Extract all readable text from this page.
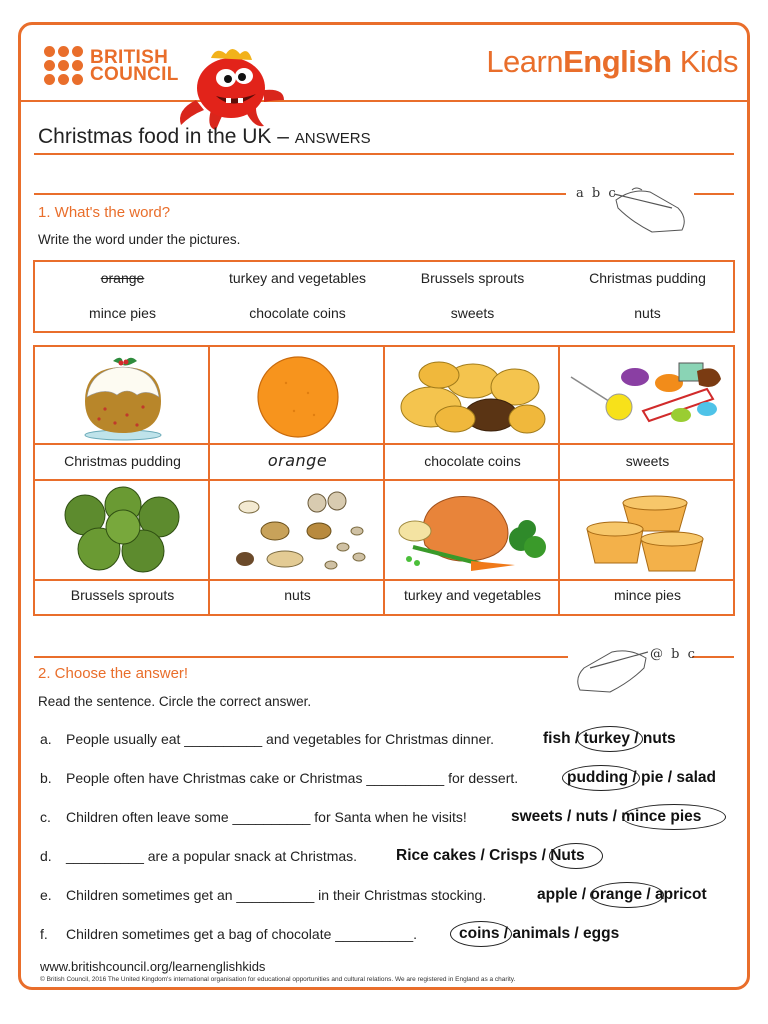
BRITISH
COUNCIL	LearnEnglish Kids
Christmas food in the UK – ANSWERS
a b c
1. What's the word?
Write the word under the pictures.
orange	turkey and vegetables	Brussels sprouts	Christmas pudding
mince pies	chocolate coins	sweets	nuts
Christmas pudding	orange	chocolate coins	sweets
Brussels sprouts	nuts	turkey and vegetables	mince pies
@ b c
2. Choose the answer!
Read the sentence. Circle the correct answer.
a. People usually eat __________ and vegetables for Christmas dinner.	fish / turkey / nuts
b. People often have Christmas cake or Christmas __________ for dessert.	pudding / pie / salad
c. Children often leave some __________ for Santa when he visits!	sweets / nuts / mince pies
d. __________ are a popular snack at Christmas.	Rice cakes / Crisps / Nuts
e. Children sometimes get an __________ in their Christmas stocking.	apple / orange / apricot
f. Children sometimes get a bag of chocolate __________.	coins / animals / eggs
www.britishcouncil.org/learnenglishkids
© British Council, 2016 The United Kingdom's international organisation for educational opportunities and cultural relations. We are registered in England as a charity.
